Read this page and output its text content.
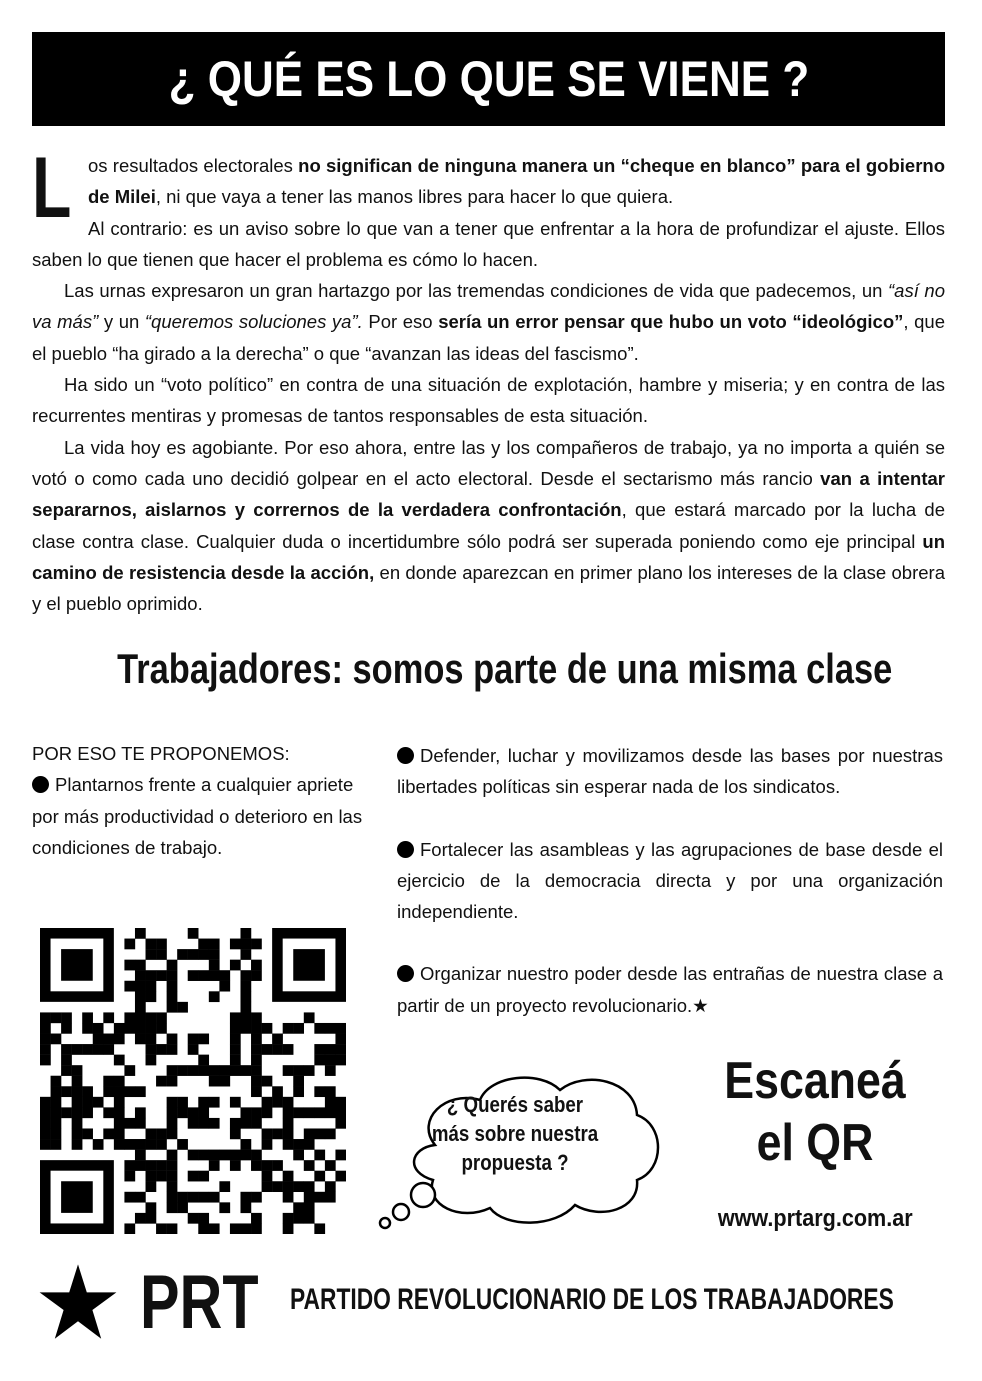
¿ QUÉ ES LO QUE SE VIENE ?
L os resultados electorales no significan de ninguna manera un “cheque en blanco” para el gobierno de Milei, ni que vaya a tener las manos libres para hacer lo que quiera.

Al contrario: es un aviso sobre lo que van a tener que enfrentar a la hora de profundizar el ajuste. Ellos saben lo que tienen que hacer el problema es cómo lo hacen.

Las urnas expresaron un gran hartazgo por las tremendas condiciones de vida que padecemos, un “así no va más” y un “queremos soluciones ya”. Por eso sería un error pensar que hubo un voto “ideológico”, que el pueblo “ha girado a la derecha” o que “avanzan las ideas del fascismo”.

Ha sido un “voto político” en contra de una situación de explotación, hambre y miseria; y en contra de las recurrentes mentiras y promesas de tantos responsables de esta situación.

La vida hoy es agobiante. Por eso ahora, entre las y los compañeros de trabajo, ya no importa a quién se votó o como cada uno decidió golpear en el acto electoral. Desde el sectarismo más rancio van a intentar separarnos, aislarnos y corrernos de la verdadera confrontación, que estará marcado por la lucha de clase contra clase. Cualquier duda o incertidumbre sólo podrá ser superada poniendo como eje principal un camino de resistencia desde la acción, en donde aparezcan en primer plano los intereses de la clase obrera y el pueblo oprimido.

Trabajadores: somos parte de una misma clase

POR ESO TE PROPONEMOS:

Plantarnos frente a cualquier apriete por más productividad o deterioro en las condiciones de trabajo.

Defender, luchar y movilizamos desde las bases por nuestras libertades políticas sin esperar nada de los sindicatos.

Fortalecer las asambleas y las agrupaciones de base desde el ejercicio de la democracia directa y por una organización independiente.

Organizar nuestro poder desde las entrañas de nuestra clase a partir de un proyecto revolucionario.★

¿ Querés saber
más sobre nuestra
propuesta ?
Escaneá
el QR
www.prtarg.com.ar
PRT	PARTIDO REVOLUCIONARIO DE LOS TRABAJADORES
